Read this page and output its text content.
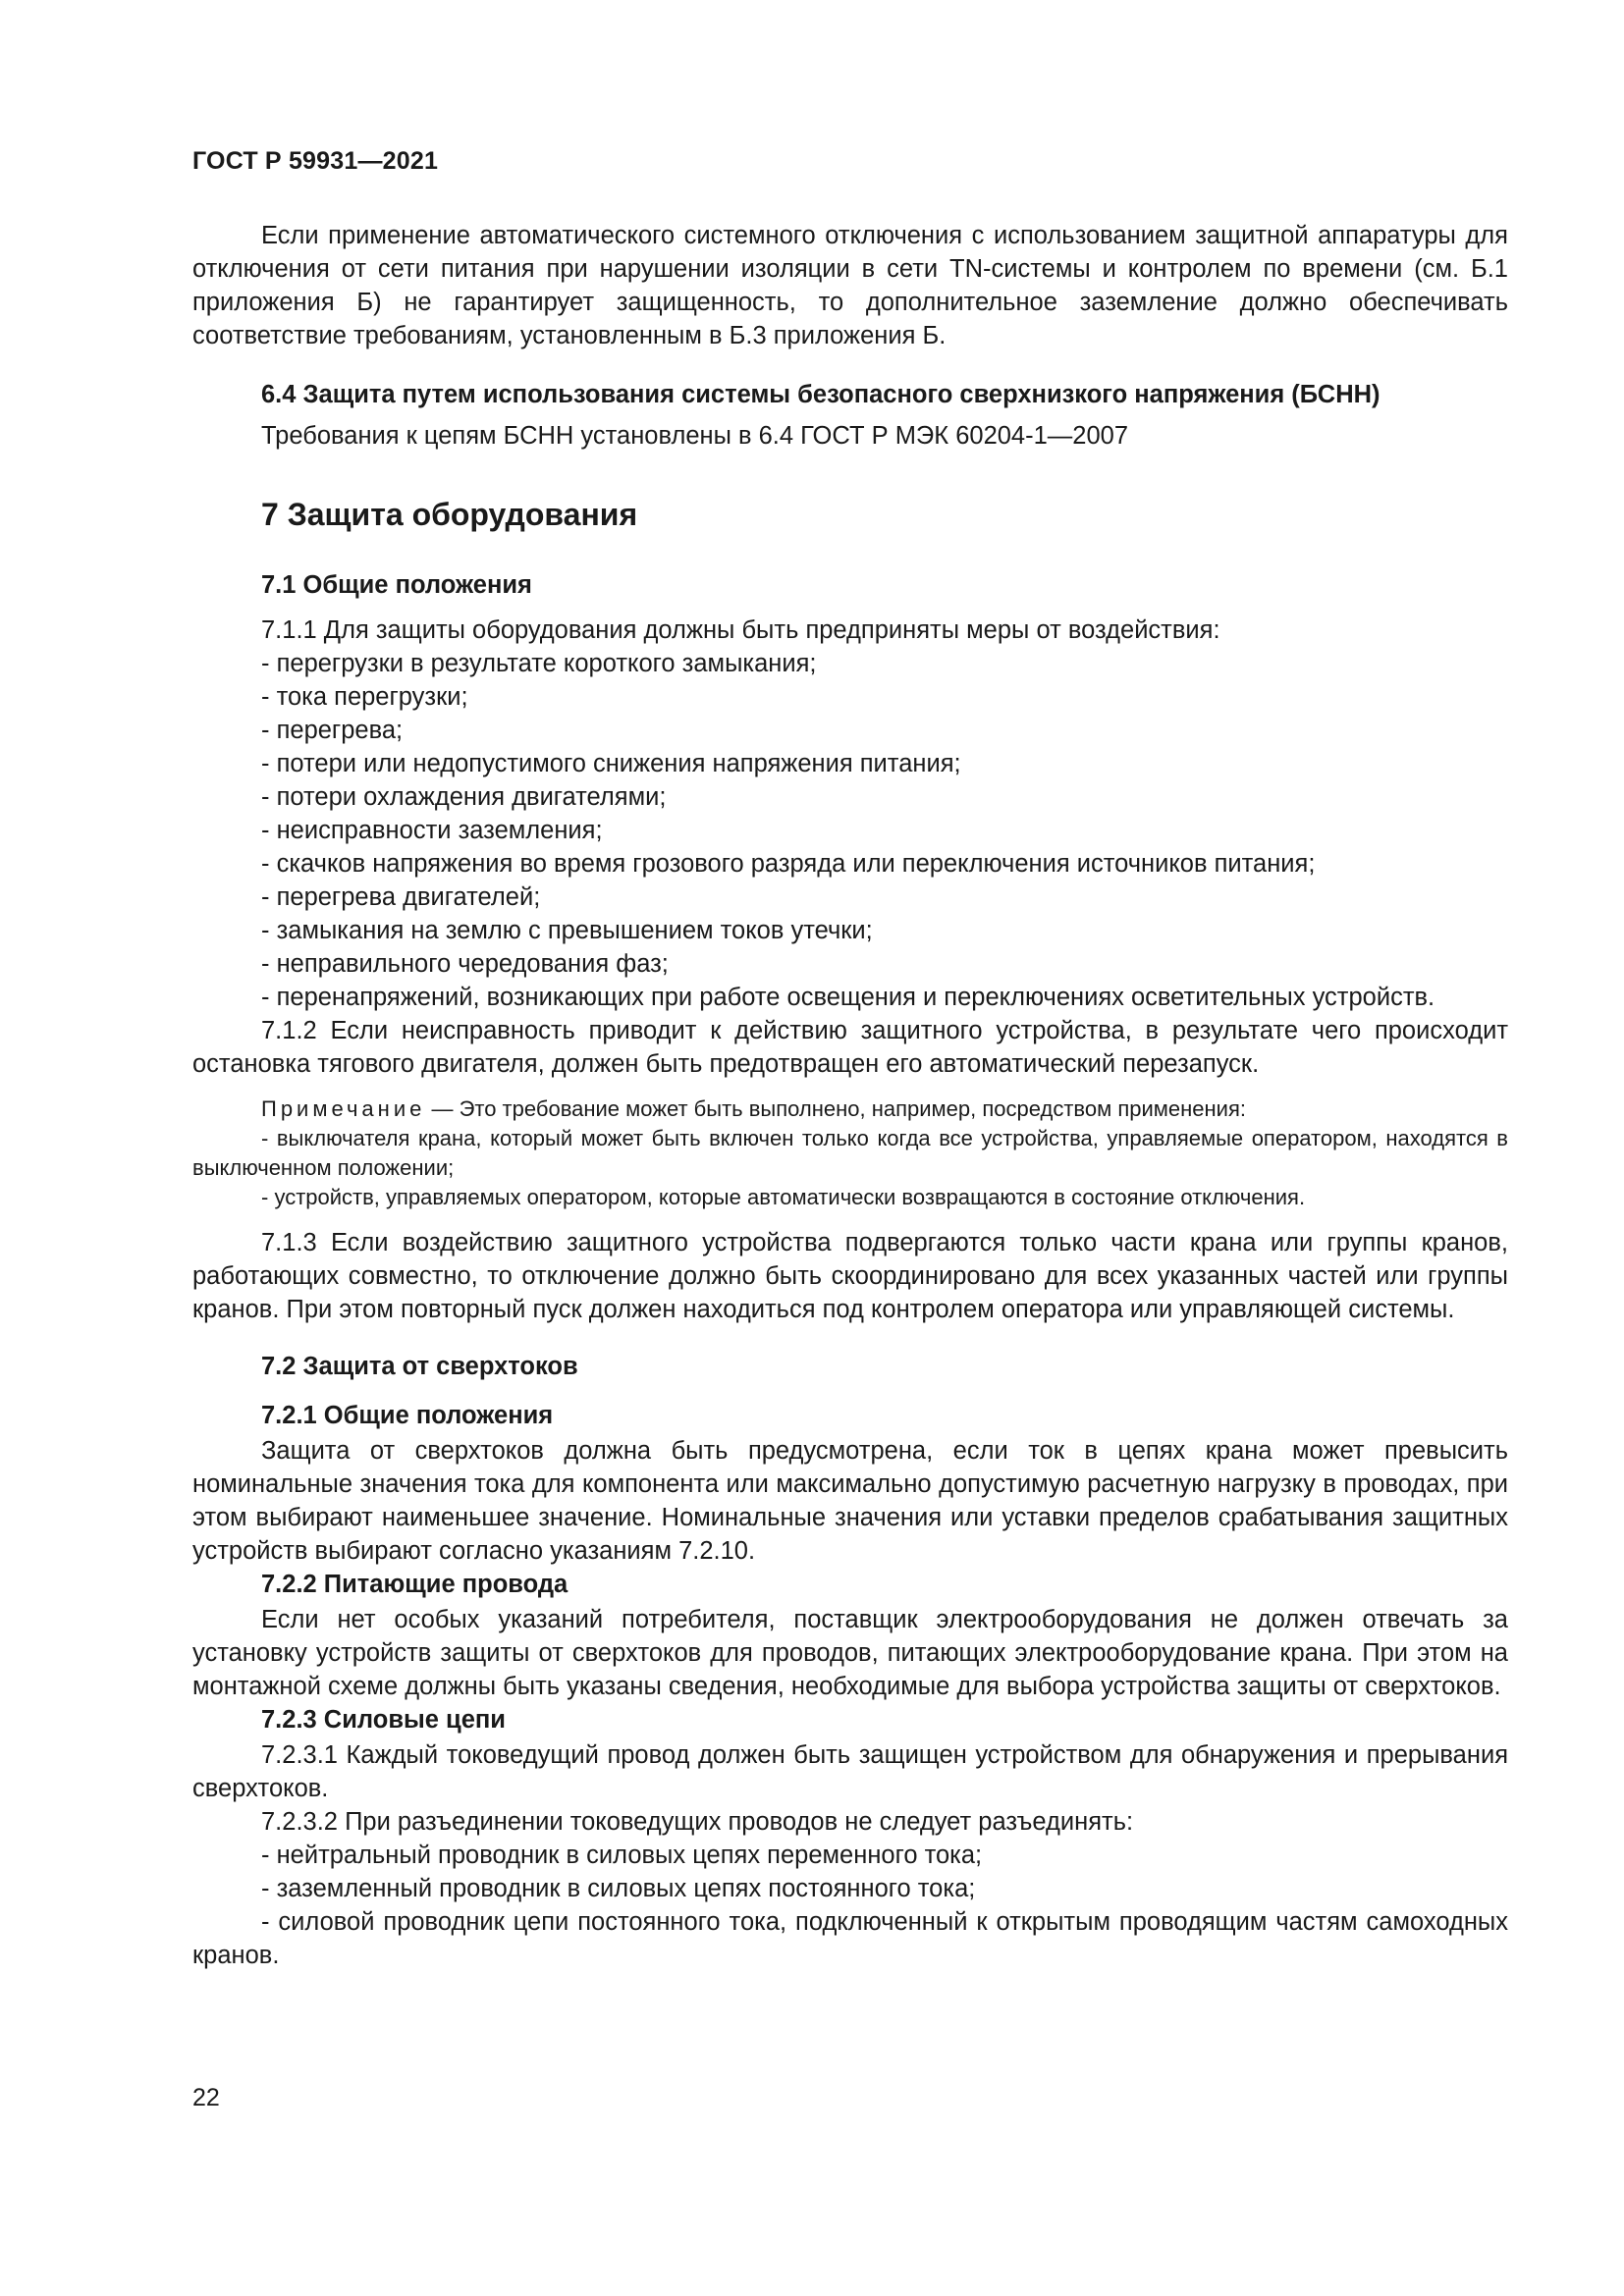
ГОСТ Р 59931—2021

Если применение автоматического системного отключения с использованием защитной аппаратуры для отключения от сети питания при нарушении изоляции в сети TN-системы и контролем по времени (см. Б.1 приложения Б) не гарантирует защищенность, то дополнительное заземление должно обеспечивать соответствие требованиям, установленным в Б.3 приложения Б.

6.4 Защита путем использования системы безопасного сверхнизкого напряжения (БСНН)

Требования к цепям БСНН установлены в 6.4 ГОСТ Р МЭК 60204-1—2007

7 Защита оборудования
7.1 Общие положения

7.1.1 Для защиты оборудования должны быть предприняты меры от воздействия:

- перегрузки в результате короткого замыкания;

- тока перегрузки;

- перегрева;

- потери или недопустимого снижения напряжения питания;

- потери охлаждения двигателями;

- неисправности заземления;

- скачков напряжения во время грозового разряда или переключения источников питания;

- перегрева двигателей;

- замыкания на землю с превышением токов утечки;

- неправильного чередования фаз;

- перенапряжений, возникающих при работе освещения и переключениях осветительных устройств.

7.1.2 Если неисправность приводит к действию защитного устройства, в результате чего происходит остановка тягового двигателя, должен быть предотвращен его автоматический перезапуск.

Примечание — Это требование может быть выполнено, например, посредством применения:

- выключателя крана, который может быть включен только когда все устройства, управляемые оператором, находятся в выключенном положении;

- устройств, управляемых оператором, которые автоматически возвращаются в состояние отключения.

7.1.3 Если воздействию защитного устройства подвергаются только части крана или группы кранов, работающих совместно, то отключение должно быть скоординировано для всех указанных частей или группы кранов. При этом повторный пуск должен находиться под контролем оператора или управляющей системы.

7.2 Защита от сверхтоков
7.2.1 Общие положения

Защита от сверхтоков должна быть предусмотрена, если ток в цепях крана может превысить номинальные значения тока для компонента или максимально допустимую расчетную нагрузку в проводах, при этом выбирают наименьшее значение. Номинальные значения или уставки пределов срабатывания защитных устройств выбирают согласно указаниям 7.2.10.

7.2.2 Питающие провода

Если нет особых указаний потребителя, поставщик электрооборудования не должен отвечать за установку устройств защиты от сверхтоков для проводов, питающих электрооборудование крана. При этом на монтажной схеме должны быть указаны сведения, необходимые для выбора устройства защиты от сверхтоков.

7.2.3 Силовые цепи

7.2.3.1 Каждый токоведущий провод должен быть защищен устройством для обнаружения и прерывания сверхтоков.

7.2.3.2 При разъединении токоведущих проводов не следует разъединять:

- нейтральный проводник в силовых цепях переменного тока;

- заземленный проводник в силовых цепях постоянного тока;

- силовой проводник цепи постоянного тока, подключенный к открытым проводящим частям самоходных кранов.

22
